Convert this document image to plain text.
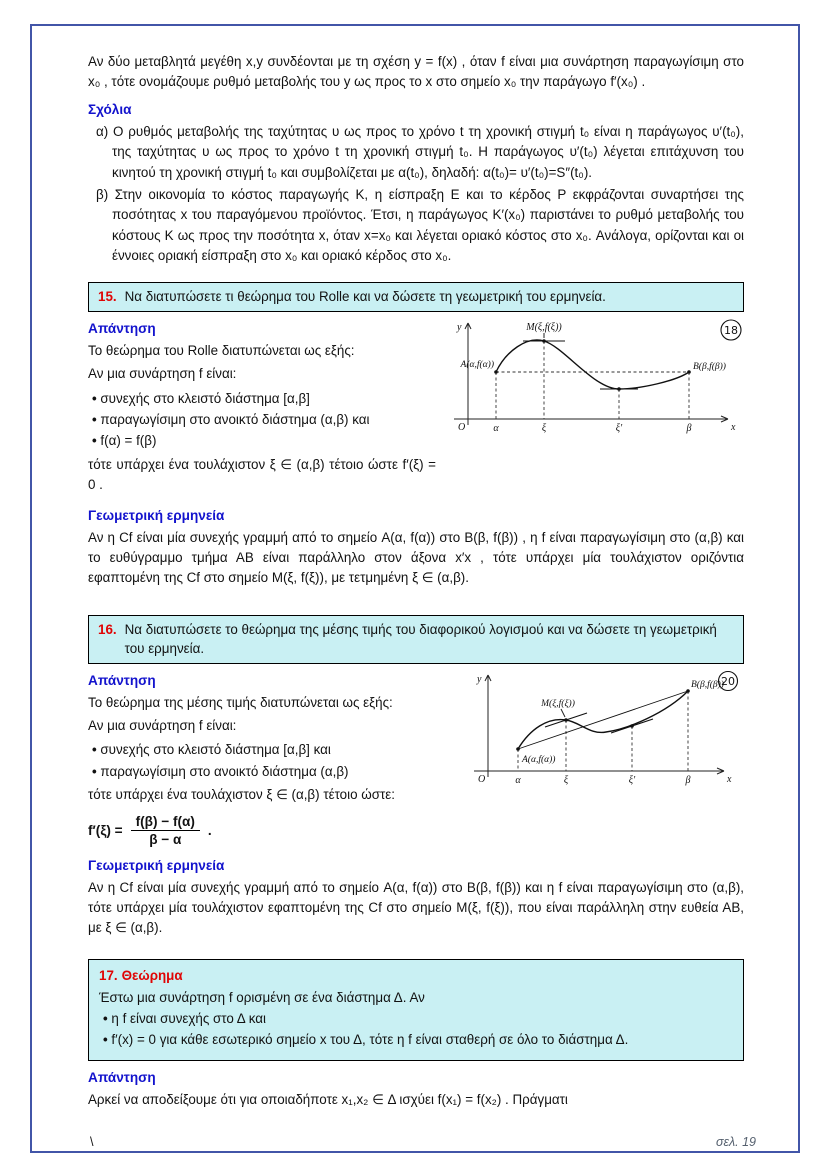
Αν δύο μεταβλητά μεγέθη x,y συνδέονται με τη σχέση y = f(x) , όταν f είναι μια συνάρτηση παραγωγίσιμη στο x₀ , τότε ονομάζουμε ρυθμό μεταβολής του y ως προς το x στο σημείο x₀ την παράγωγο f′(x₀) .

Σχόλια

α) Ο ρυθμός μεταβολής της ταχύτητας υ ως προς το χρόνο t τη χρονική στιγμή t₀ είναι η παράγωγος υ′(t₀), της ταχύτητας υ ως προς το χρόνο t τη χρονική στιγμή t₀. Η παράγωγος υ′(t₀) λέγεται επιτάχυνση του κινητού τη χρονική στιγμή t₀ και συμβολίζεται με α(t₀), δηλαδή: α(t₀)= υ′(t₀)=S″(t₀).

β) Στην οικονομία το κόστος παραγωγής Κ, η είσπραξη Ε και το κέρδος Ρ εκφράζονται συναρτήσει της ποσότητας x του παραγόμενου προϊόντος. Έτσι, η παράγωγος Κ′(x₀) παριστάνει το ρυθμό μεταβολής του κόστους Κ ως προς την ποσότητα x, όταν x=x₀ και λέγεται οριακό κόστος στο x₀. Ανάλογα, ορίζονται και οι έννοιες οριακή είσπραξη στο x₀ και οριακό κέρδος στο x₀.

15. Να διατυπώσετε τι θεώρημα του Rolle και να δώσετε τη γεωμετρική του ερμηνεία.
Απάντηση

Το θεώρημα του Rolle διατυπώνεται ως εξής:

Αν μια συνάρτηση f είναι:

• συνεχής στο κλειστό διάστημα [α,β]
• παραγωγίσιμη στο ανοικτό διάστημα (α,β) και
• f(α) = f(β)

τότε υπάρχει ένα τουλάχιστον ξ ∈ (α,β) τέτοιο ώστε f′(ξ) = 0 .

y
x
O
M(ξ,f(ξ))
A(α,f(α))	B(β,f(β))
α	ξ	ξ′	β
18
Γεωμετρική ερμηνεία

Αν η Cf είναι μία συνεχής γραμμή από το σημείο A(α, f(α)) στο B(β, f(β)) , η f είναι παραγωγίσιμη στο (α,β) και το ευθύγραμμο τμήμα ΑΒ είναι παράλληλο στον άξονα x′x , τότε υπάρχει μία τουλάχιστον οριζόντια εφαπτομένη της Cf στο σημείο Μ(ξ, f(ξ)), με τετμημένη ξ ∈ (α,β).

16. Να διατυπώσετε το θεώρημα της μέσης τιμής του διαφορικού λογισμού και να δώσετε τη γεωμετρική του ερμηνεία.
Απάντηση

Το θεώρημα της μέσης τιμής διατυπώνεται ως εξής:

Αν μια συνάρτηση f είναι:

• συνεχής στο κλειστό διάστημα [α,β] και
• παραγωγίσιμη στο ανοικτό διάστημα (α,β)

τότε υπάρχει ένα τουλάχιστον ξ ∈ (α,β) τέτοιο ώστε:

$f'(\xi) = \frac{f(\beta) - f(\alpha)}{\beta - \alpha}$ .
y
x
O
M(ξ,f(ξ))
A(α,f(α))
B(β,f(β))
α	ξ	ξ′	β
20
Γεωμετρική ερμηνεία

Αν η Cf είναι μία συνεχής γραμμή από το σημείο A(α, f(α)) στο B(β, f(β)) και η f είναι παραγωγίσιμη στο (α,β), τότε υπάρχει μία τουλάχιστον εφαπτομένη της Cf στο σημείο Μ(ξ, f(ξ)), που είναι παράλληλη στην ευθεία ΑΒ, με ξ ∈ (α,β).

17. Θεώρημα

Έστω μια συνάρτηση f ορισμένη σε ένα διάστημα Δ. Αν

• η f είναι συνεχής στο Δ και
• f′(x) = 0 για κάθε εσωτερικό σημείο x του Δ, τότε η f είναι σταθερή σε όλο το διάστημα Δ.
Απάντηση

Αρκεί να αποδείξουμε ότι για οποιαδήποτε x₁,x₂ ∈ Δ ισχύει f(x₁) = f(x₂) . Πράγματι

\	σελ. 19
